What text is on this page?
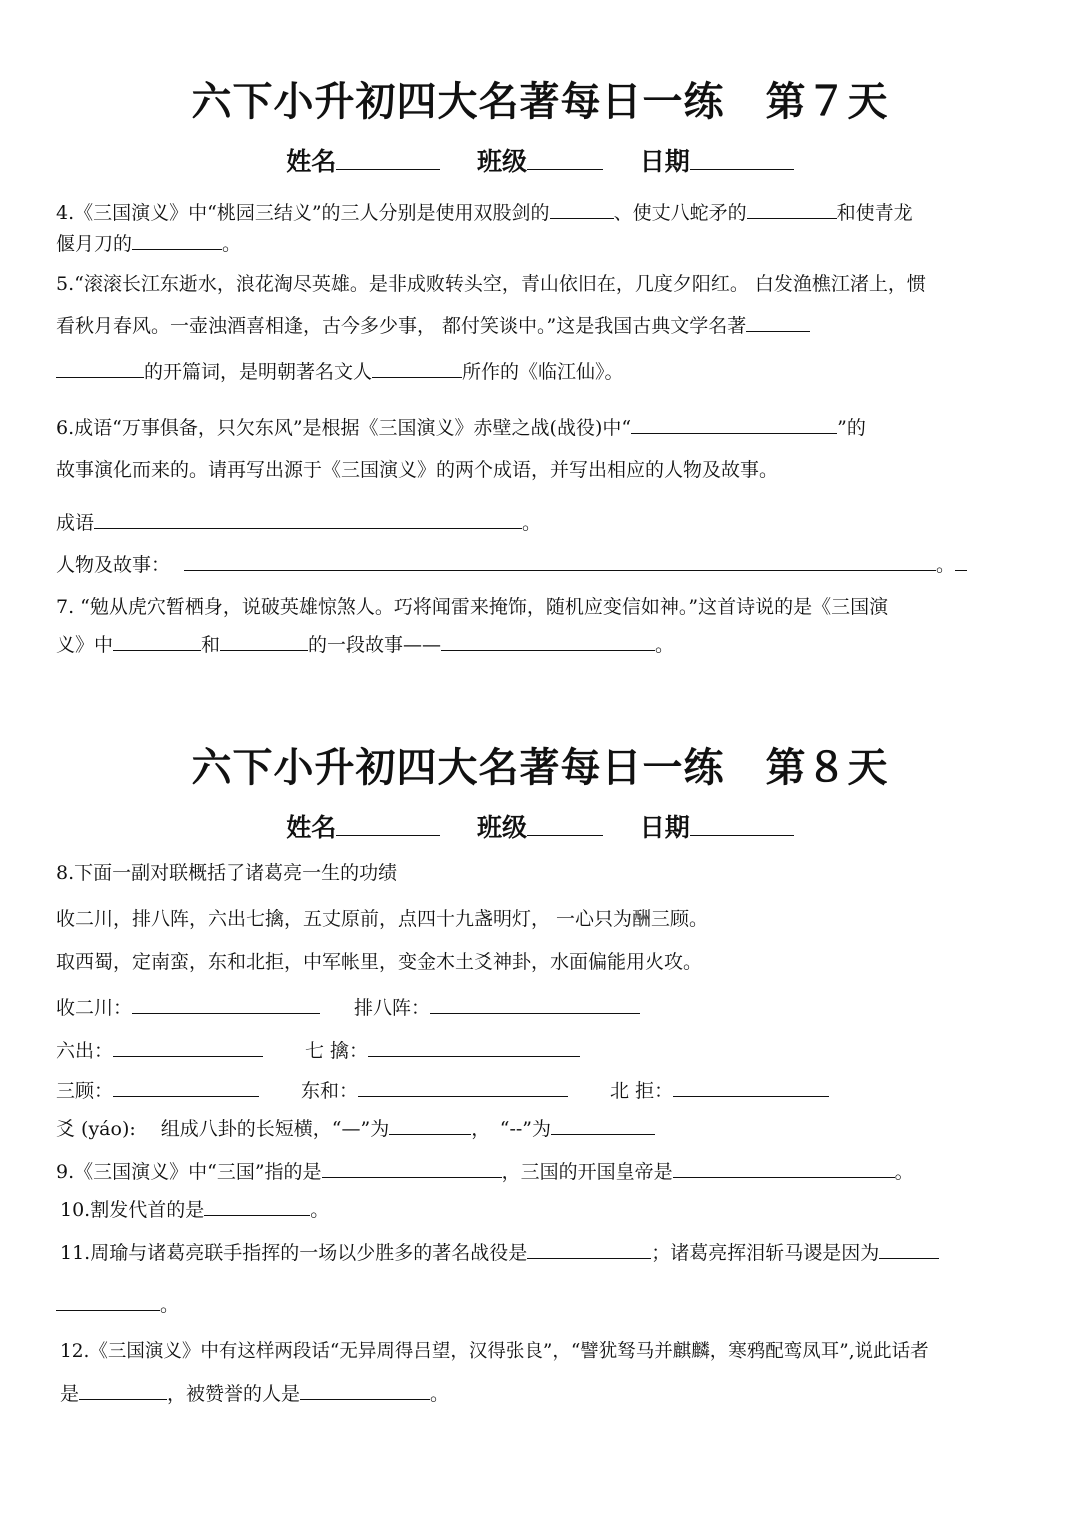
六下小升初四大名著每日一练　第７天
姓名	班级	日期
4.《三国演义》中“桃园三结义”的三人分别是使用双股剑的	、使丈八蛇矛的	和使青龙
偃月刀的	。
5.“滚滚长江东逝水，浪花淘尽英雄。是非成败转头空，青山依旧在，几度夕阳红。 白发渔樵江渚上，惯
看秋月春风。一壶浊酒喜相逢，古今多少事， 都付笑谈中。”这是我国古典文学名著
的开篇词，是明朝著名文人	所作的《临江仙》。
6.成语“万事俱备，只欠东风”是根据《三国演义》赤壁之战(战役)中“	”的
故事演化而来的。请再写出源于《三国演义》的两个成语，并写出相应的人物及故事。
成语	。
人物及故事：	。
7. “勉从虎穴暂栖身，说破英雄惊煞人。巧将闻雷来掩饰，随机应变信如神。”这首诗说的是《三国演
义》中	和	的一段故事——	。
六下小升初四大名著每日一练　第８天
姓名	班级	日期
8.下面一副对联概括了诸葛亮一生的功绩
收二川，排八阵，六出七擒，五丈原前，点四十九盏明灯， 一心只为酬三顾。
取西蜀，定南蛮，东和北拒，中军帐里，变金木土爻神卦，水面偏能用火攻。
收二川：	排八阵：
六出：	七 擒：
三顾：	东和：	北 拒：
爻 (yáo): 　组成八卦的长短横，“—”为	，　“--”为
9.《三国演义》中“三国”指的是	，三国的开国皇帝是	。
10.割发代首的是	。
11.周瑜与诸葛亮联手指挥的一场以少胜多的著名战役是	；诸葛亮挥泪斩马谡是因为
。
12.《三国演义》中有这样两段话“无异周得吕望，汉得张良”，“譬犹驽马并麒麟，寒鸦配鸾凤耳”,说此话者
是	，被赞誉的人是	。
